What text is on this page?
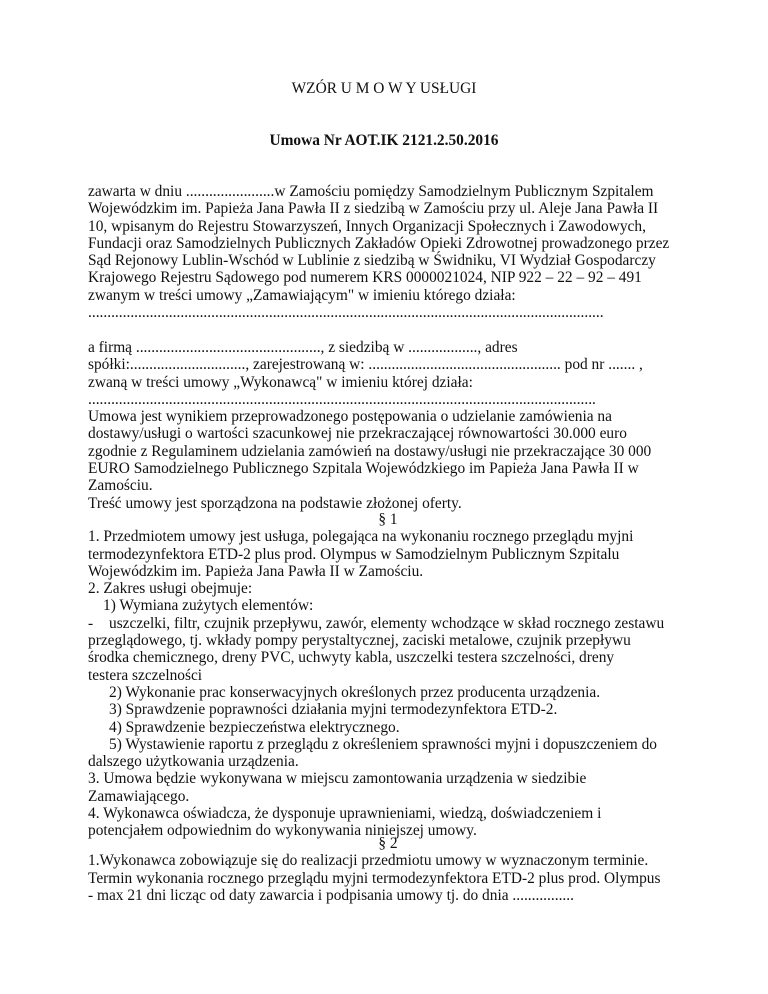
WZÓR U M O W Y USŁUGI
Umowa Nr AOT.IK 2121.2.50.2016

zawarta w dniu .......................w Zamościu pomiędzy Samodzielnym Publicznym Szpitalem

Wojewódzkim im. Papieża Jana Pawła II z siedzibą w Zamościu przy ul. Aleje Jana Pawła II

10, wpisanym do Rejestru Stowarzyszeń, Innych Organizacji Społecznych i Zawodowych,

Fundacji oraz Samodzielnych Publicznych Zakładów Opieki Zdrowotnej prowadzonego przez

Sąd Rejonowy Lublin-Wschód w Lublinie z siedzibą w Świdniku, VI Wydział Gospodarczy

Krajowego Rejestru Sądowego pod numerem KRS 0000021024, NIP 922 – 22 – 92 – 491

zwanym w treści umowy „Zamawiającym" w imieniu którego działa:

......................................................................................................................................

a firmą ................................................, z siedzibą w .................., adres

spółki:.............................., zarejestrowaną w: .................................................. pod nr ....... ,

zwaną w treści umowy „Wykonawcą" w imieniu której działa:

....................................................................................................................................

Umowa jest wynikiem przeprowadzonego postępowania o udzielanie zamówienia na

dostawy/usługi o wartości szacunkowej nie przekraczającej równowartości 30.000 euro

zgodnie z Regulaminem udzielania zamówień na dostawy/usługi nie przekraczające 30 000

EURO Samodzielnego Publicznego Szpitala Wojewódzkiego im Papieża Jana Pawła II w

Zamościu.

Treść umowy jest sporządzona na podstawie złożonej oferty.

§ 1

1. Przedmiotem umowy jest usługa, polegająca na wykonaniu rocznego przeglądu myjni

termodezynfektora ETD-2 plus prod. Olympus w Samodzielnym Publicznym Szpitalu

Wojewódzkim im. Papieża Jana Pawła II w Zamościu.

2. Zakres usługi obejmuje:

1) Wymiana zużytych elementów:

- uszczelki, filtr, czujnik przepływu, zawór, elementy wchodzące w skład rocznego zestawu

przeglądowego, tj. wkłady pompy perystaltycznej, zaciski metalowe, czujnik przepływu

środka chemicznego, dreny PVC, uchwyty kabla, uszczelki testera szczelności, dreny

testera szczelności

2) Wykonanie prac konserwacyjnych określonych przez producenta urządzenia.

3) Sprawdzenie poprawności działania myjni termodezynfektora ETD-2.

4) Sprawdzenie bezpieczeństwa elektrycznego.

5) Wystawienie raportu z przeglądu z określeniem sprawności myjni i dopuszczeniem do

dalszego użytkowania urządzenia.

3. Umowa będzie wykonywana w miejscu zamontowania urządzenia w siedzibie

Zamawiającego.

4. Wykonawca oświadcza, że dysponuje uprawnieniami, wiedzą, doświadczeniem i

potencjałem odpowiednim do wykonywania niniejszej umowy.

§ 2

1.Wykonawca zobowiązuje się do realizacji przedmiotu umowy w wyznaczonym terminie.

Termin wykonania rocznego przeglądu myjni termodezynfektora ETD-2 plus prod. Olympus

- max 21 dni licząc od daty zawarcia i podpisania umowy tj. do dnia ................
